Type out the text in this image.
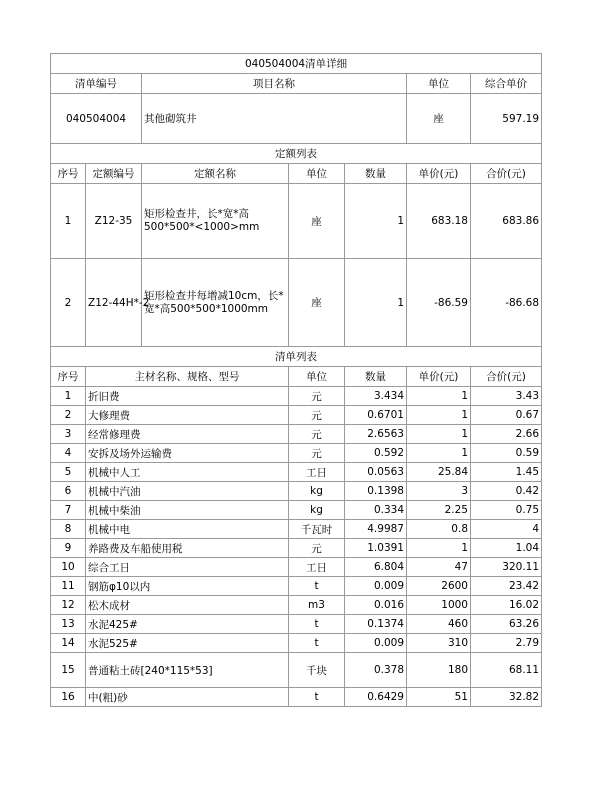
040504004清单详细						
清单编号		项目名称			单位	综合单价
040504004		其他砌筑井			座	597.19
定额列表						
序号	定额编号	定额名称	单位	数量	单价(元)	合价(元)
1	Z12-35	矩形检查井，长*宽*高500*500*<1000>mm	座	1	683.18	683.86
2	Z12-44H*-2	矩形检查井每增减10cm，长*宽*高500*500*1000mm	座	1	-86.59	-86.68
清单列表						
序号	主材名称、规格、型号		单位	数量	单价(元)	合价(元)
1	折旧费		元	3.434	1	3.43
2	大修理费		元	0.6701	1	0.67
3	经常修理费		元	2.6563	1	2.66
4	安拆及场外运输费		元	0.592	1	0.59
5	机械中人工		工日	0.0563	25.84	1.45
6	机械中汽油		kg	0.1398	3	0.42
7	机械中柴油		kg	0.334	2.25	0.75
8	机械中电		千瓦时	4.9987	0.8	4
9	养路费及车船使用税		元	1.0391	1	1.04
10	综合工日		工日	6.804	47	320.11
11	钢筋φ10以内		t	0.009	2600	23.42
12	松木成材		m3	0.016	1000	16.02
13	水泥425#		t	0.1374	460	63.26
14	水泥525#		t	0.009	310	2.79
15	普通粘土砖[240*115*53]		千块	0.378	180	68.11
16	中(粗)砂		t	0.6429	51	32.82
